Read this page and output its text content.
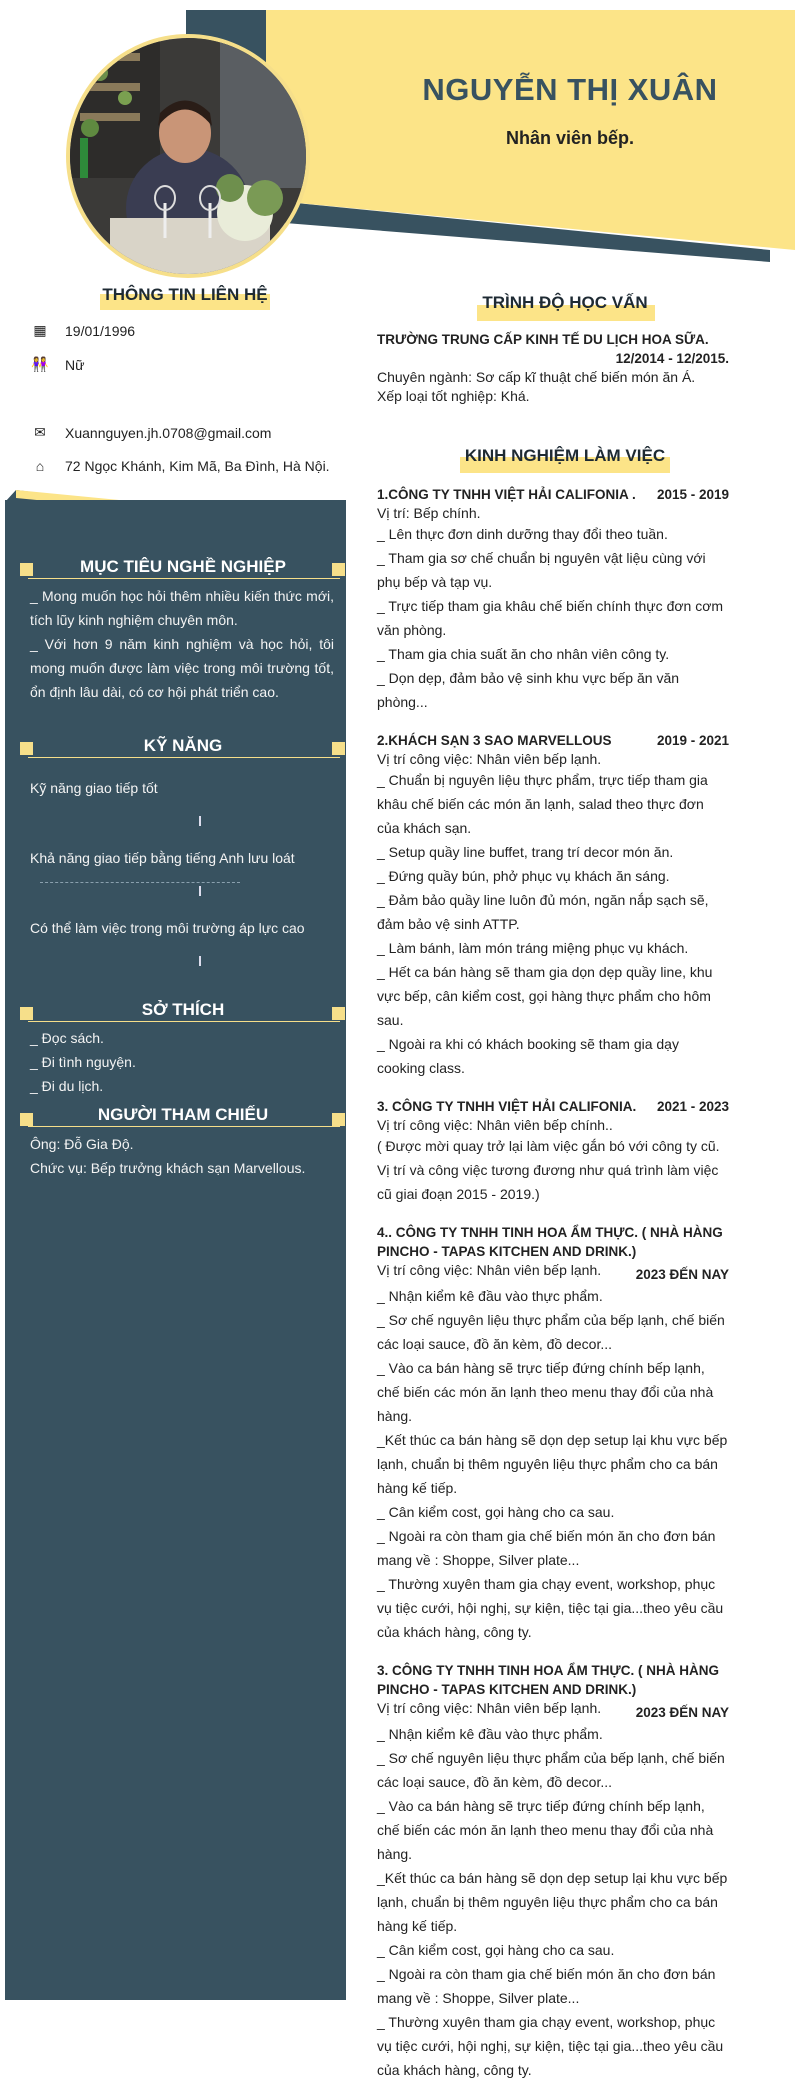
NGUYỄN THỊ XUÂN
Nhân viên bếp.
THÔNG TIN LIÊN HỆ
▦ 19/01/1996
👭 Nữ
✉ Xuannguyen.jh.0708@gmail.com
⌂	72 Ngọc Khánh, Kim Mã, Ba Đình, Hà Nội.
MỤC TIÊU NGHỀ NGHIỆP

_ Mong muốn học hỏi thêm nhiều kiến thức mới, tích lũy kinh nghiệm chuyên môn.

_ Với hơn 9 năm kinh nghiệm và học hỏi, tôi mong muốn được làm việc trong môi trường tốt, ổn định lâu dài, có cơ hội phát triển cao.

KỸ NĂNG
Kỹ năng giao tiếp tốt
Khả năng giao tiếp bằng tiếng Anh lưu loát
Có thể làm việc trong môi trường áp lực cao
SỞ THÍCH
_ Đọc sách.
_ Đi tình nguyện.
_ Đi du lịch.
NGƯỜI THAM CHIẾU
Ông: Đỗ Gia Độ.
Chức vụ: Bếp trưởng khách sạn Marvellous.
TRÌNH ĐỘ HỌC VẤN
TRƯỜNG TRUNG CẤP KINH TẾ DU LỊCH HOA SỮA.
12/2014 - 12/2015.
Chuyên ngành: Sơ cấp kĩ thuật chế biến món ăn Á.
Xếp loại tốt nghiệp: Khá.
KINH NGHIỆM LÀM VIỆC
1.CÔNG TY TNHH VIỆT HẢI CALIFONIA . 2015 - 2019
Vị trí: Bếp chính.

_ Lên thực đơn dinh dưỡng thay đổi theo tuần.

_ Tham gia sơ chế chuẩn bị nguyên vật liệu cùng với phụ bếp và tạp vụ.

_ Trực tiếp tham gia khâu chế biến chính thực đơn cơm văn phòng.

_ Tham gia chia suất ăn cho nhân viên công ty.

_ Dọn dẹp, đảm bảo vệ sinh khu vực bếp ăn văn phòng...

2.KHÁCH SẠN 3 SAO MARVELLOUS	2019 - 2021
Vị trí công việc: Nhân viên bếp lạnh.

_ Chuẩn bị nguyên liệu thực phẩm, trực tiếp tham gia khâu chế biến các món ăn lạnh, salad theo thực đơn của khách sạn.

_ Setup quầy line buffet, trang trí decor món ăn.

_ Đứng quầy bún, phở phục vụ khách ăn sáng.

_ Đảm bảo quầy line luôn đủ món, ngăn nắp sạch sẽ, đảm bảo vệ sinh ATTP.

_ Làm bánh, làm món tráng miệng phục vụ khách.

_ Hết ca bán hàng sẽ tham gia dọn dẹp quầy line, khu vực bếp, cân kiểm cost, gọi hàng thực phẩm cho hôm sau.

_ Ngoài ra khi có khách booking sẽ tham gia dạy cooking class.

3. CÔNG TY TNHH VIỆT HẢI CALIFONIA. 2021 - 2023
Vị trí công việc: Nhân viên bếp chính..

( Được mời quay trở lại làm việc gắn bó với công ty cũ. Vị trí và công việc tương đương như quá trình làm việc cũ giai đoạn 2015 - 2019.)

4.. CÔNG TY TNHH TINH HOA ẨM THỰC. ( NHÀ HÀNG PINCHO - TAPAS KITCHEN AND DRINK.)
Vị trí công việc: Nhân viên bếp lạnh.	2023 ĐẾN NAY

_ Nhận kiểm kê đầu vào thực phẩm.

_ Sơ chế nguyên liệu thực phẩm của bếp lạnh, chế biến các loại sauce, đồ ăn kèm, đồ decor...

_ Vào ca bán hàng sẽ trực tiếp đứng chính bếp lạnh, chế biến các món ăn lạnh theo menu thay đổi của nhà hàng.

_Kết thúc ca bán hàng sẽ dọn dẹp setup lại khu vực bếp lạnh, chuẩn bị thêm nguyên liệu thực phẩm cho ca bán hàng kế tiếp.

_ Cân kiểm cost, gọi hàng cho ca sau.

_ Ngoài ra còn tham gia chế biến món ăn cho đơn bán mang về : Shoppe, Silver plate...

_ Thường xuyên tham gia chạy event, workshop, phục vụ tiệc cưới, hội nghị, sự kiện, tiệc tại gia...theo yêu cầu của khách hàng, công ty.

3. CÔNG TY TNHH TINH HOA ẨM THỰC. ( NHÀ HÀNG PINCHO - TAPAS KITCHEN AND DRINK.)
Vị trí công việc: Nhân viên bếp lạnh.	2023 ĐẾN NAY

_ Nhận kiểm kê đầu vào thực phẩm.

_ Sơ chế nguyên liệu thực phẩm của bếp lạnh, chế biến các loại sauce, đồ ăn kèm, đồ decor...

_ Vào ca bán hàng sẽ trực tiếp đứng chính bếp lạnh, chế biến các món ăn lạnh theo menu thay đổi của nhà hàng.

_Kết thúc ca bán hàng sẽ dọn dẹp setup lại khu vực bếp lạnh, chuẩn bị thêm nguyên liệu thực phẩm cho ca bán hàng kế tiếp.

_ Cân kiểm cost, gọi hàng cho ca sau.

_ Ngoài ra còn tham gia chế biến món ăn cho đơn bán mang về : Shoppe, Silver plate...

_ Thường xuyên tham gia chạy event, workshop, phục vụ tiệc cưới, hội nghị, sự kiện, tiệc tại gia...theo yêu cầu của khách hàng, công ty.
